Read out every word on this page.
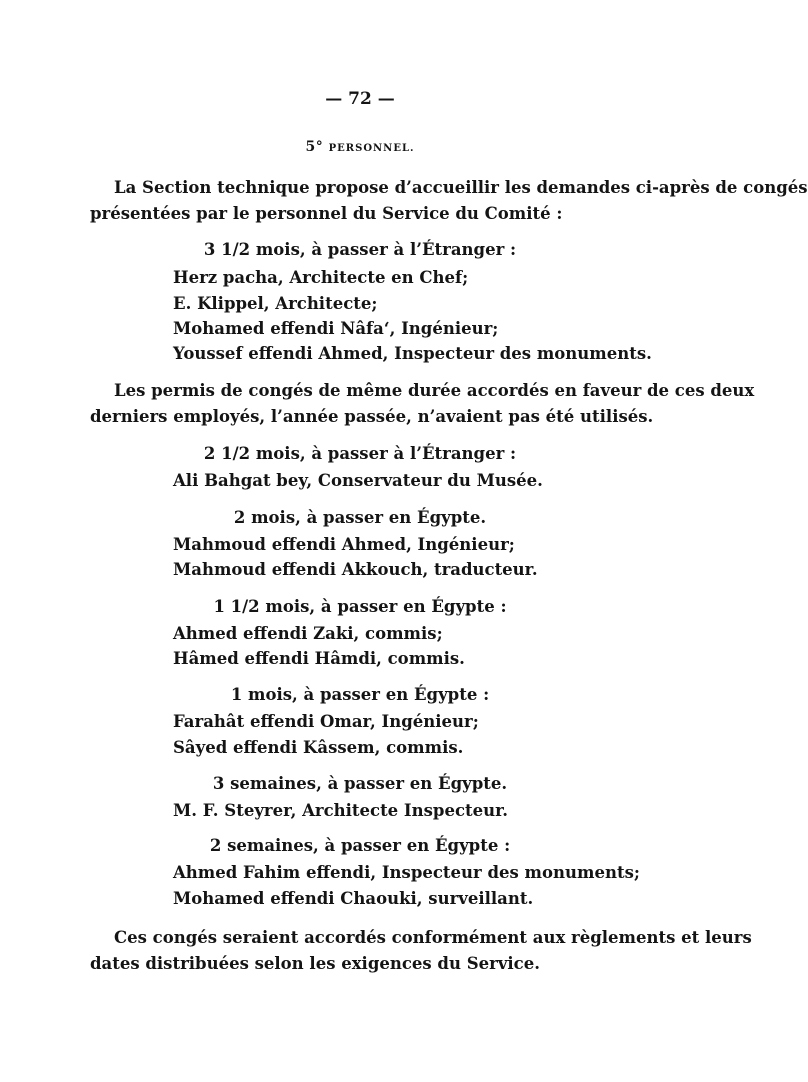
— 72 —
5° PERSONNEL.
La Section technique propose d’accueillir les demandes ci-après de congés
présentées par le personnel du Service du Comité :
3 1/2 mois, à passer à l’Étranger :
Herz pacha, Architecte en Chef;
E. Klippel, Architecte;
Mohamed effendi Nâfa‘, Ingénieur;
Youssef effendi Ahmed, Inspecteur des monuments.
Les permis de congés de même durée accordés en faveur de ces deux
derniers employés, l’année passée, n’avaient pas été utilisés.
2 1/2 mois, à passer à l’Étranger :
Ali Bahgat bey, Conservateur du Musée.
2 mois, à passer en Égypte.
Mahmoud effendi Ahmed, Ingénieur;
Mahmoud effendi Akkouch, traducteur.
1 1/2 mois, à passer en Égypte :
Ahmed effendi Zaki, commis;
Hâmed effendi Hâmdi, commis.
1 mois, à passer en Égypte :
Farahât effendi Omar, Ingénieur;
Sâyed effendi Kâssem, commis.
3 semaines, à passer en Égypte.
M. F. Steyrer, Architecte Inspecteur.
2 semaines, à passer en Égypte :
Ahmed Fahim effendi, Inspecteur des monuments;
Mohamed effendi Chaouki, surveillant.
Ces congés seraient accordés conformément aux règlements et leurs
dates distribuées selon les exigences du Service.
